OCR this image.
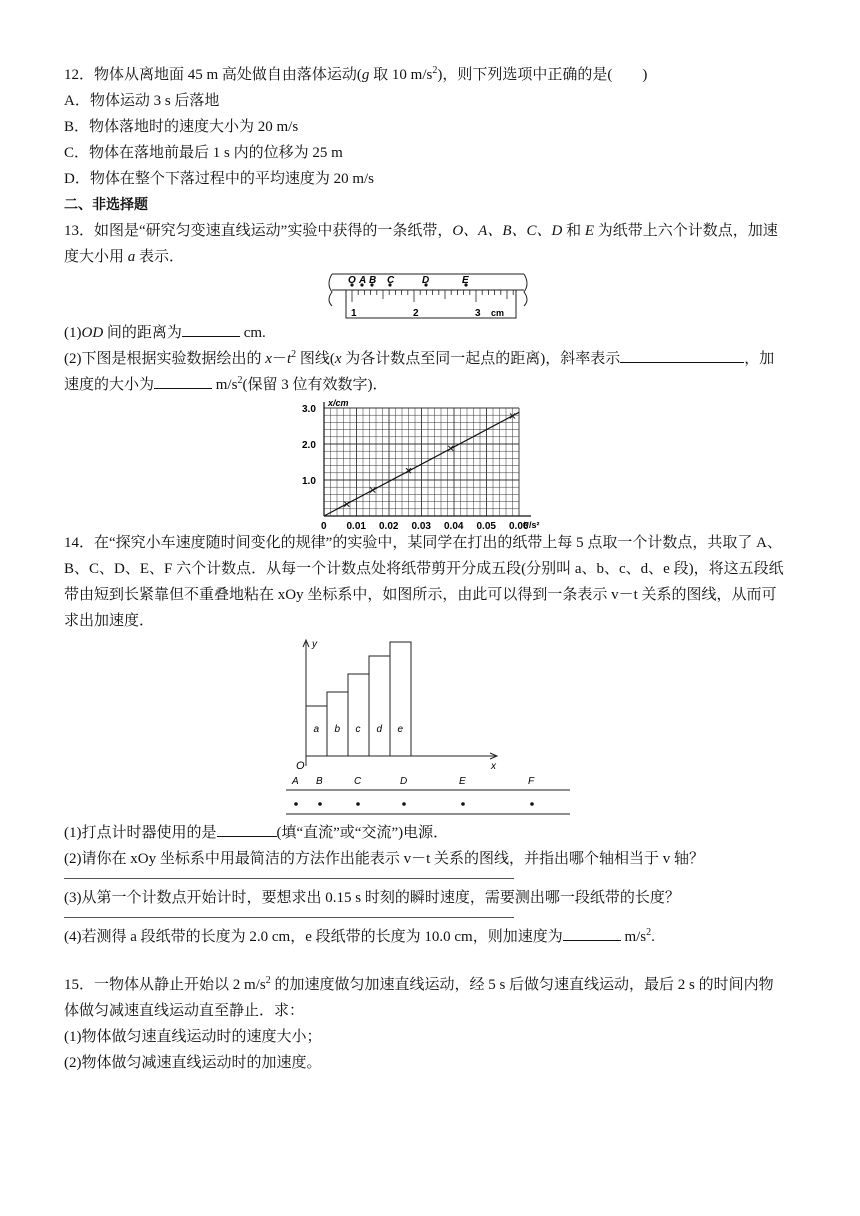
12．物体从离地面 45 m 高处做自由落体运动(g 取 10 $m/s^2$)，则下列选项中正确的是(　　)

A．物体运动 3 s 后落地

B．物体落地时的速度大小为 20 m/s

C．物体在落地前最后 1 s 内的位移为 25 m

D．物体在整个下落过程中的平均速度为 20 m/s

二、非选择题

13．如图是“研究匀变速直线运动”实验中获得的一条纸带，O、A、B、C、D 和 E 为纸带上六个计数点，加速

度大小用 a 表示．

O A B C	D	E
1	2	3 cm

(1)OD 间的距离为	cm.

(2)下图是根据实验数据绘出的 $x-t^2$ 图线(x 为各计数点至同一起点的距离)，斜率表示	，加

速度的大小为	$m/s^2$(保留 3 位有效数字)．

x/cm
t²/s²
0 0.01 0.02 0.03 0.04 0.05 0.06
1.0
2.0
3.0

14．在“探究小车速度随时间变化的规律”的实验中，某同学在打出的纸带上每 5 点取一个计数点，共取了 A、

B、C、D、E、F 六个计数点．从每一个计数点处将纸带剪开分成五段(分别叫 a、b、c、d、e 段)，将这五段纸

带由短到长紧靠但不重叠地粘在 xOy 坐标系中，如图所示，由此可以得到一条表示 v－t 关系的图线，从而可

求出加速度．

y
x
O
a b c d e
A B	C	D	E	F

(1)打点计时器使用的是	(填“直流”或“交流”)电源．

(2)请你在 xOy 坐标系中用最简洁的方法作出能表示 v－t 关系的图线，并指出哪个轴相当于 v 轴？

(3)从第一个计数点开始计时，要想求出 0.15 s 时刻的瞬时速度，需要测出哪一段纸带的长度？

(4)若测得 a 段纸带的长度为 2.0 cm，e 段纸带的长度为 10.0 cm，则加速度为	$m/s^2$.

15．一物体从静止开始以 2 $m/s^2$ 的加速度做匀加速直线运动，经 5 s 后做匀速直线运动，最后 2 s 的时间内物

体做匀减速直线运动直至静止．求：

(1)物体做匀速直线运动时的速度大小；

(2)物体做匀减速直线运动时的加速度。
